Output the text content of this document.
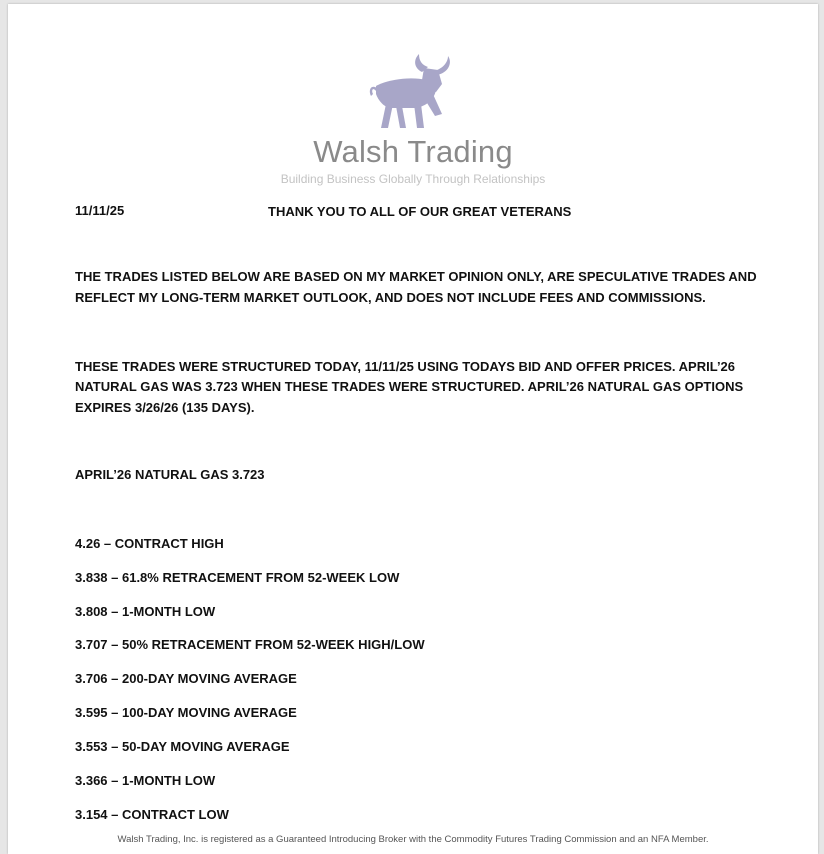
Walsh Trading
Building Business Globally Through Relationships
11/11/25	THANK YOU TO ALL OF OUR GREAT VETERANS

THE TRADES LISTED BELOW ARE BASED ON MY MARKET OPINION ONLY, ARE SPECULATIVE TRADES AND

REFLECT MY LONG-TERM MARKET OUTLOOK, AND DOES NOT INCLUDE FEES AND COMMISSIONS.

THESE TRADES WERE STRUCTURED TODAY, 11/11/25 USING TODAYS BID AND OFFER PRICES. APRIL’26

NATURAL GAS WAS 3.723 WHEN THESE TRADES WERE STRUCTURED. APRIL’26 NATURAL GAS OPTIONS

EXPIRES 3/26/26 (135 DAYS).

APRIL’26 NATURAL GAS 3.723

4.26 – CONTRACT HIGH

3.838 – 61.8% RETRACEMENT FROM 52-WEEK LOW

3.808 – 1-MONTH LOW

3.707 – 50% RETRACEMENT FROM 52-WEEK HIGH/LOW

3.706 – 200-DAY MOVING AVERAGE

3.595 – 100-DAY MOVING AVERAGE

3.553 – 50-DAY MOVING AVERAGE

3.366 – 1-MONTH LOW

3.154 – CONTRACT LOW

Walsh Trading, Inc. is registered as a Guaranteed Introducing Broker with the Commodity Futures Trading Commission and an NFA Member.
